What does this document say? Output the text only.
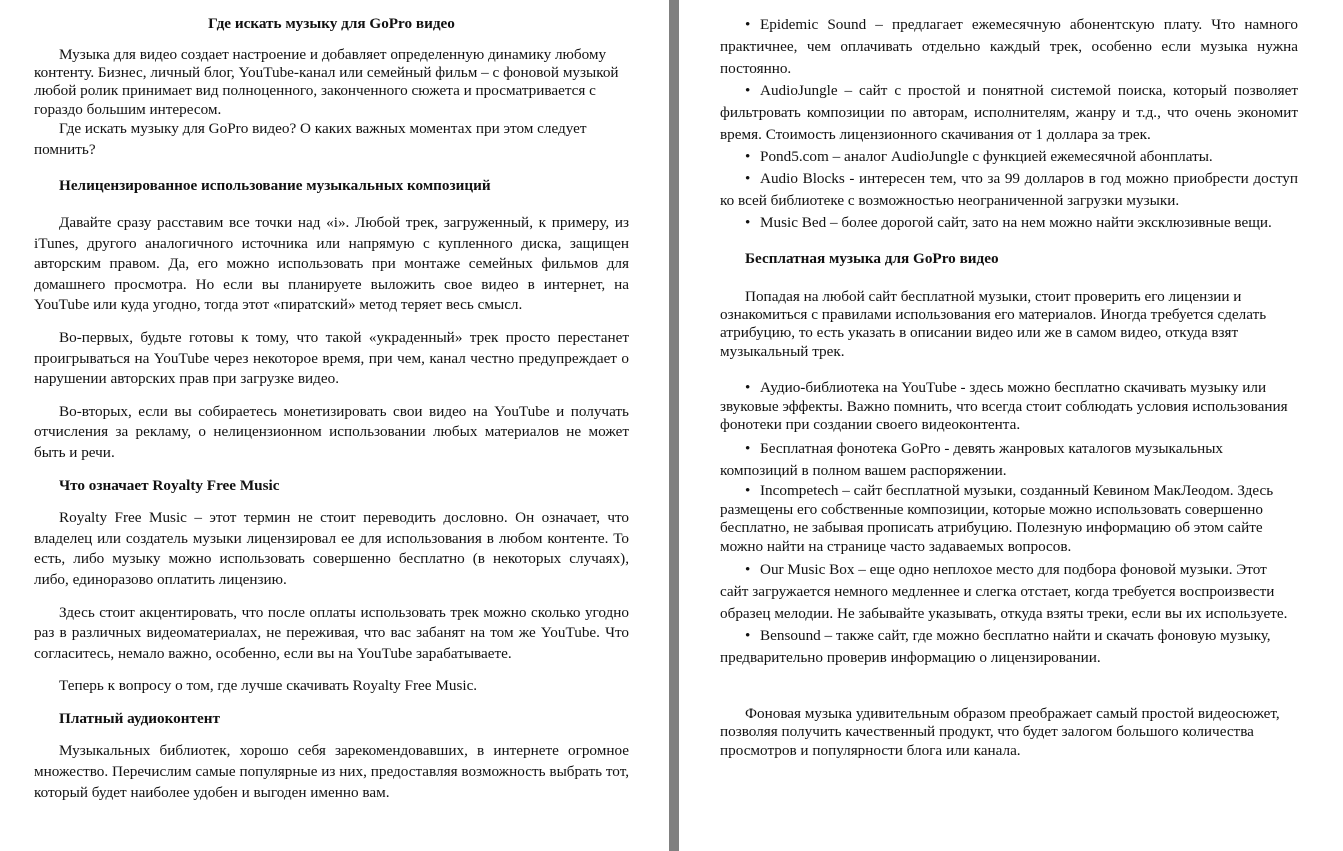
Где искать музыку для GoPro видео

Музыка для видео создает настроение и добавляет определенную динамику любому контенту. Бизнес, личный блог, YouTube-канал или семейный фильм – с фоновой музыкой любой ролик принимает вид полноценного, законченного сюжета и просматривается с гораздо большим интересом.

Где искать музыку для GoPro видео? О каких важных моментах при этом следует помнить?

Нелицензированное использование музыкальных композиций

Давайте сразу расставим все точки над «i». Любой трек, загруженный, к примеру, из iTunes, другого аналогичного источника или напрямую с купленного диска, защищен авторским правом. Да, его можно использовать при монтаже семейных фильмов для домашнего просмотра. Но если вы планируете выложить свое видео в интернет, на YouTube или куда угодно, тогда этот «пиратский» метод теряет весь смысл.

Во-первых, будьте готовы к тому, что такой «украденный» трек просто перестанет проигрываться на YouTube через некоторое время, при чем, канал честно предупреждает о нарушении авторских прав при загрузке видео.

Во-вторых, если вы собираетесь монетизировать свои видео на YouTube и получать отчисления за рекламу, о нелицензионном использовании любых материалов не может быть и речи.

Что означает Royalty Free Music

Royalty Free Music – этот термин не стоит переводить дословно. Он означает, что владелец или создатель музыки лицензировал ее для использования в любом контенте. То есть, либо музыку можно использовать совершенно бесплатно (в некоторых случаях), либо, единоразово оплатить лицензию.

Здесь стоит акцентировать, что после оплаты использовать трек можно сколько угодно раз в различных видеоматериалах, не переживая, что вас забанят на том же YouTube. Что согласитесь, немало важно, особенно, если вы на YouTube зарабатываете.

Теперь к вопросу о том, где лучше скачивать Royalty Free Music.

Платный аудиоконтент

Музыкальных библиотек, хорошо себя зарекомендовавших, в интернете огромное множество. Перечислим самые популярные из них, предоставляя возможность выбрать тот, который будет наиболее удобен и выгоден именно вам.

• Epidemic Sound – предлагает ежемесячную абонентскую плату. Что намного практичнее, чем оплачивать отдельно каждый трек, особенно если музыка нужна постоянно.

• AudioJungle – сайт с простой и понятной системой поиска, который позволяет фильтровать композиции по авторам, исполнителям, жанру и т.д., что очень экономит время. Стоимость лицензионного скачивания от 1 доллара за трек.

• Pond5.com – аналог AudioJungle с функцией ежемесячной абонплаты.

• Audio Blocks - интересен тем, что за 99 долларов в год можно приобрести доступ ко всей библиотеке с возможностью неограниченной загрузки музыки.

• Music Bed – более дорогой сайт, зато на нем можно найти эксклюзивные вещи.

Бесплатная музыка для GoPro видео

Попадая на любой сайт бесплатной музыки, стоит проверить его лицензии и ознакомиться с правилами использования его материалов. Иногда требуется сделать атрибуцию, то есть указать в описании видео или же в самом видео, откуда взят музыкальный трек.

• Аудио-библиотека на YouTube - здесь можно бесплатно скачивать музыку или звуковые эффекты. Важно помнить, что всегда стоит соблюдать условия использования фонотеки при создании своего видеоконтента.

• Бесплатная фонотека GoPro - девять жанровых каталогов музыкальных композиций в полном вашем распоряжении.

• Incompetech – сайт бесплатной музыки, созданный Кевином МакЛеодом. Здесь размещены его собственные композиции, которые можно использовать совершенно бесплатно, не забывая прописать атрибуцию. Полезную информацию об этом сайте можно найти на странице часто задаваемых вопросов.

• Our Music Box – еще одно неплохое место для подбора фоновой музыки. Этот сайт загружается немного медленнее и слегка отстает, когда требуется воспроизвести образец мелодии. Не забывайте указывать, откуда взяты треки, если вы их используете.

• Bensound – также сайт, где можно бесплатно найти и скачать фоновую музыку, предварительно проверив информацию о лицензировании.

Фоновая музыка удивительным образом преображает самый простой видеосюжет, позволяя получить качественный продукт, что будет залогом большого количества просмотров и популярности блога или канала.
